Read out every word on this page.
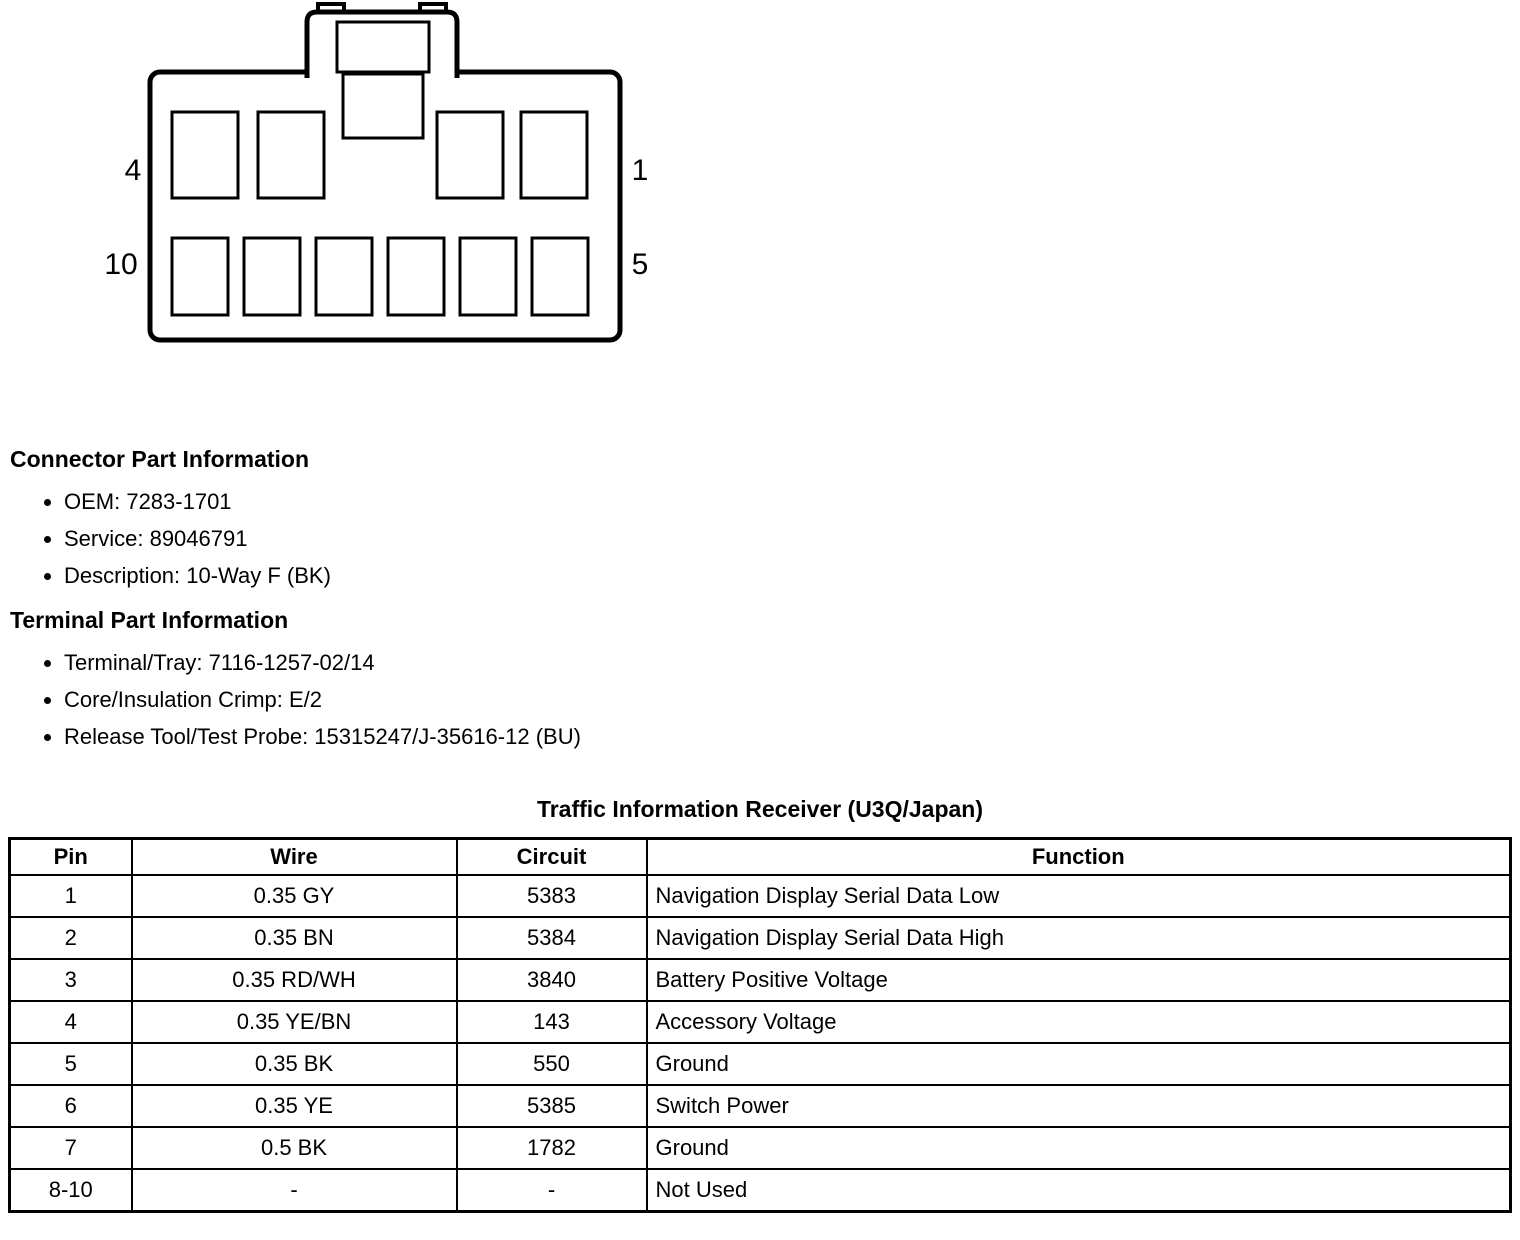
4	1
10	5
Connector Part Information
• OEM: 7283-1701
• Service: 89046791
• Description: 10-Way F (BK)
Terminal Part Information
• Terminal/Tray: 7116-1257-02/14
• Core/Insulation Crimp: E/2
• Release Tool/Test Probe: 15315247/J-35616-12 (BU)
Traffic Information Receiver (U3Q/Japan)
Pin	Wire	Circuit	Function
1	0.35 GY	5383	Navigation Display Serial Data Low
2	0.35 BN	5384	Navigation Display Serial Data High
3	0.35 RD/WH	3840	Battery Positive Voltage
4	0.35 YE/BN	143	Accessory Voltage
5	0.35 BK	550	Ground
6	0.35 YE	5385	Switch Power
7	0.5 BK	1782	Ground
8-10	-	-	Not Used
